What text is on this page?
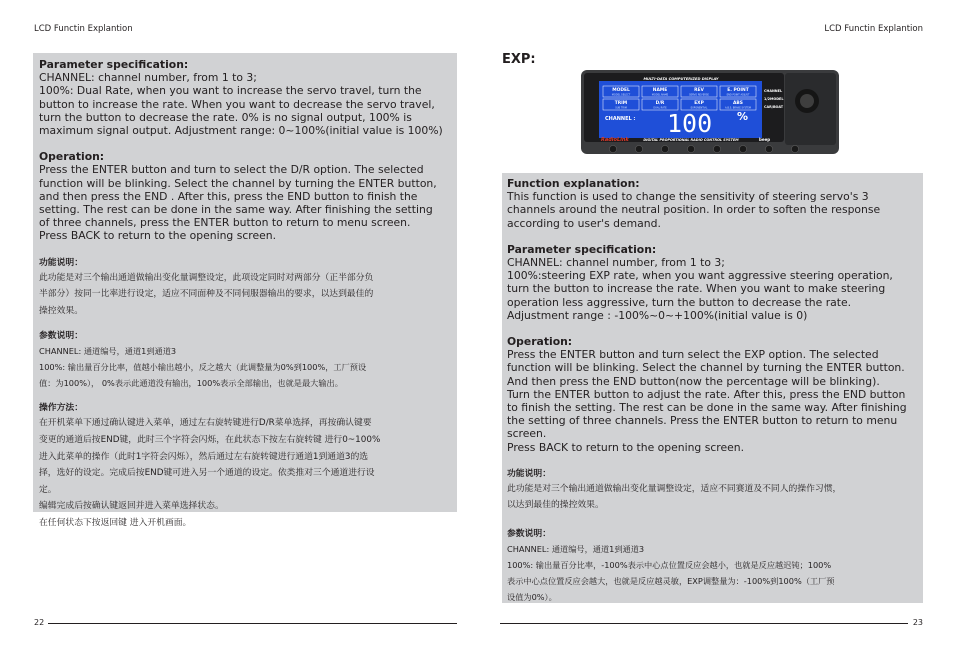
LCD Functin Explantion	LCD Functin Explantion
Parameter specification:
CHANNEL: channel number, from 1 to 3;
100%: Dual Rate, when you want to increase the servo travel, turn the
button to increase the rate. When you want to decrease the servo travel,
turn the button to decrease the rate. 0% is no signal output, 100% is
maximum signal output. Adjustment range: 0~100%(initial value is 100%)
Operation:
Press the ENTER button and turn to select the D/R option. The selected
function will be blinking. Select the channel by turning the ENTER button,
and then press the END . After this, press the END button to finish the
setting. The rest can be done in the same way. After finishing the setting
of three channels, press the ENTER button to return to menu screen.
Press BACK to return to the opening screen.
功能说明：
此功能是对三个输出通道做输出变化量调整设定，此项设定同时对两部分（正半部分负
半部分）按同一比率进行设定，适应不同面种及不同伺服器输出的要求，以达到最佳的
操控效果。
参数说明：
CHANNEL: 通道编号，通道1到通道3
100%: 输出量百分比率，值越小输出越小，反之越大（此调整量为0%到100%，工厂预设
值：为100%）， 0%表示此通道没有输出，100%表示全部输出，也就是最大输出。
操作方法：
在开机菜单下通过确认键进入菜单，通过左右旋转键进行D/R菜单选择，再按确认键要
变更的通道后按END键，此时三个字符会闪烁，在此状态下按左右旋转键 进行0~100%
进入此菜单的操作（此时1字符会闪烁），然后通过左右旋转键进行通道1到通道3的选
择，选好的设定。完成后按END键可进入另一个通道的设定。依类推对三个通道进行设
定。
编辑完成后按确认键返回并进入菜单选择状态。
在任何状态下按返回键 进入开机画面。
EXP:
MULTI-DATA COMPUTERIZED DISPLAY
MODEL
MODEL SELECT
NAME
MODEL NAME
REV
SERVO REVERSE
E. POINT
END POINT ADJUST
TRIM
SUB TRIM
D/R
DUAL RATE
EXP
EXPONENTIAL
ABS
A.B.S. BRAKE SYSTEM
CHANNEL : 100 %
DIGITAL PROPORTIONAL RADIO CONTROL SYSTEM
RadioLink	beep
CHANNEL
1/2MODEL
CAR/BOAT
Function explanation:
This function is used to change the sensitivity of steering servo's 3
channels around the neutral position. In order to soften the response
according to user's demand.
Parameter specification:
CHANNEL: channel number, from 1 to 3;
100%:steering EXP rate, when you want aggressive steering operation,
turn the button to increase the rate. When you want to make steering
operation less aggressive, turn the button to decrease the rate.
Adjustment range : -100%~0~+100%(initial value is 0)
Operation:
Press the ENTER button and turn select the EXP option. The selected
function will be blinking. Select the channel by turning the ENTER button.
And then press the END button(now the percentage will be blinking).
Turn the ENTER button to adjust the rate. After this, press the END button
to finish the setting. The rest can be done in the same way. After finishing
the setting of three channels. Press the ENTER button to return to menu
screen.
Press BACK to return to the opening screen.
功能说明：
此功能是对三个输出通道做输出变化量调整设定，适应不同赛道及不同人的操作习惯，
以达到最佳的操控效果。
参数说明：
CHANNEL: 通道编号，通道1到通道3
100%: 输出量百分比率，-100%表示中心点位置反应会越小，也就是反应越迟钝；100%
表示中心点位置反应会越大，也就是反应越灵敏，EXP调整量为：-100%到100%（工厂预
设值为0%）。
22	23
